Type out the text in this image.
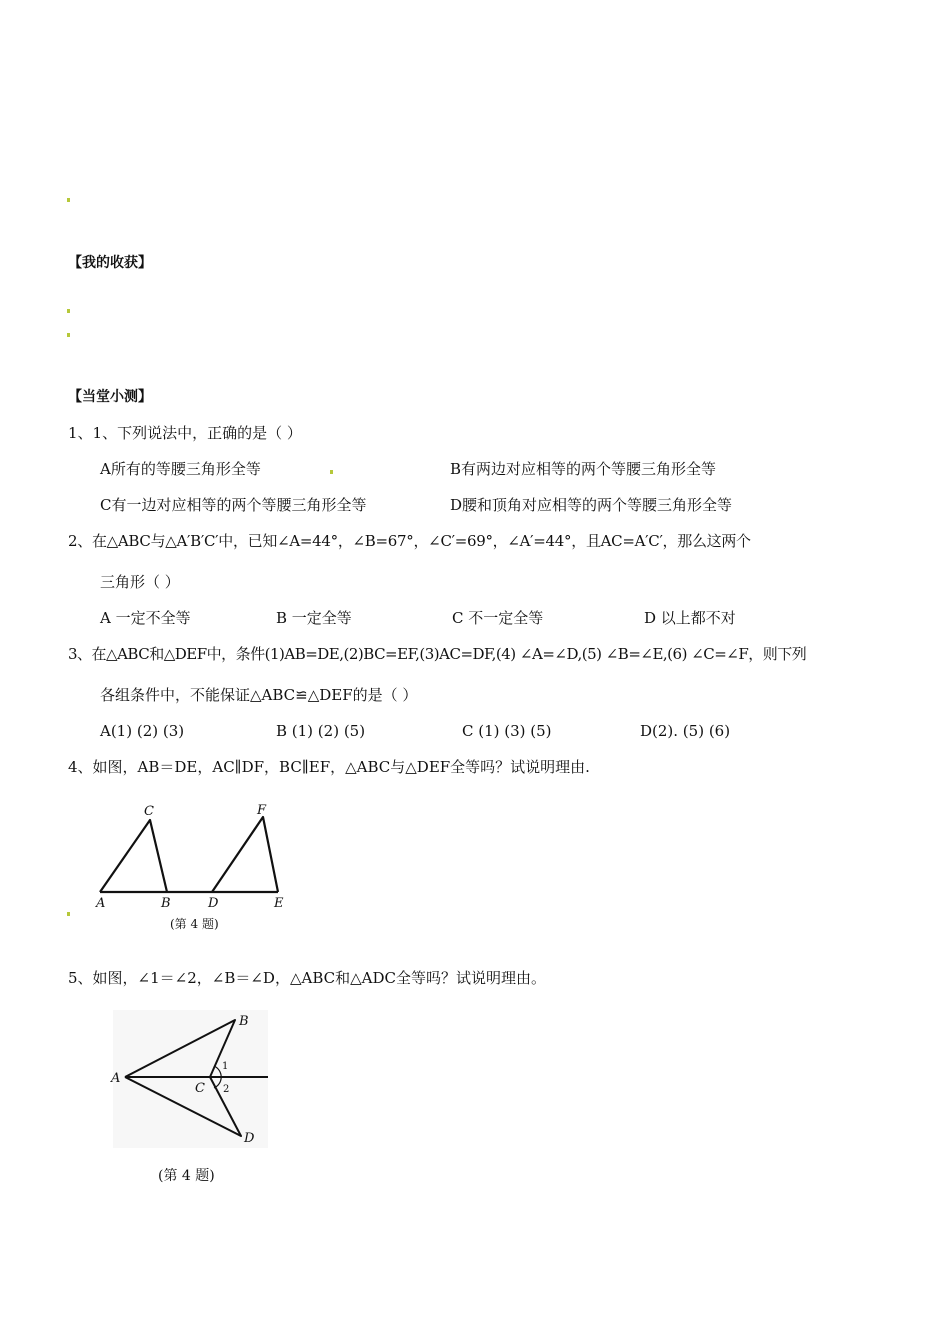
【我的收获】
【当堂小测】
1、1、下列说法中，正确的是（ ）
A所有的等腰三角形全等	B有两边对应相等的两个等腰三角形全等
C有一边对应相等的两个等腰三角形全等	D腰和顶角对应相等的两个等腰三角形全等
2、在△ABC与△A′B′C′中，已知∠A=44°，∠B=67°，∠C′=69°，∠A′=44°，且AC=A′C′，那么这两个
三角形（ ）
A 一定不全等	B 一定全等	C 不一定全等	D 以上都不对
3、在△ABC和△DEF中，条件(1)AB=DE,(2)BC=EF,(3)AC=DF,(4) ∠A=∠D,(5) ∠B=∠E,(6) ∠C=∠F，则下列
各组条件中，不能保证△ABC≌△DEF的是（ ）
A(1) (2) (3)	B (1) (2) (5)	C (1) (3) (5)	D(2). (5) (6)
4、如图，AB＝DE，AC∥DF，BC∥EF，△ABC与△DEF全等吗？试说明理由.
C	F
A	B	D	E
(第 4 题)
5、如图，∠1＝∠2，∠B＝∠D，△ABC和△ADC全等吗？试说明理由。
B
A
C
D
1
2
(第 4 题)
